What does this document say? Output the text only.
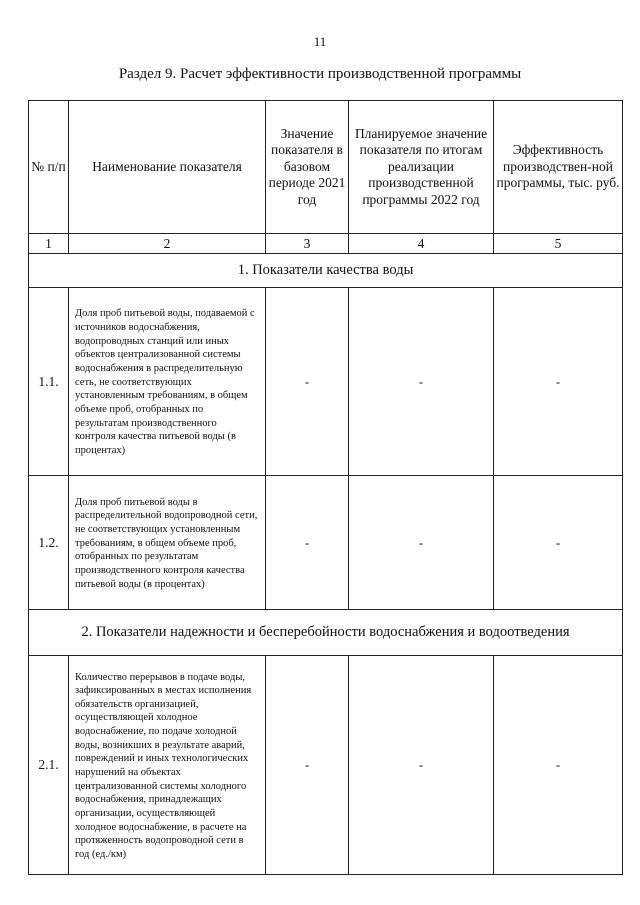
11
Раздел 9. Расчет эффективности производственной программы
№ п/п	Наименование показателя	Значение показателя в базовом периоде 2021 год	Планируемое значение показателя по итогам реализации производственной программы 2022 год	Эффективность производствен-ной программы, тыс. руб.
1	2	3	4	5
1. Показатели качества воды				
1.1.	Доля проб питьевой воды, подаваемой с источников водоснабжения, водопроводных станций или иных объектов централизованной системы водоснабжения в распределительную сеть, не соответствующих установленным требованиям, в общем объеме проб, отобранных по результатам производственного контроля качества питьевой воды (в процентах)	-	-	-
1.2.	Доля проб питьевой воды в распределительной водопроводной сети, не соответствующих установленным требованиям, в общем объеме проб, отобранных по результатам производственного контроля качества питьевой воды (в процентах)	-	-	-
2. Показатели надежности и бесперебойности водоснабжения и водоотведения				
2.1.	Количество перерывов в подаче воды, зафиксированных в местах исполнения обязательств организацией, осуществляющей холодное водоснабжение, по подаче холодной воды, возникших в результате аварий, повреждений и иных технологических нарушений на объектах централизованной системы холодного водоснабжения, принадлежащих организации, осуществляющей холодное водоснабжение, в расчете на протяженность водопроводной сети в год (ед./км)	-	-	-
